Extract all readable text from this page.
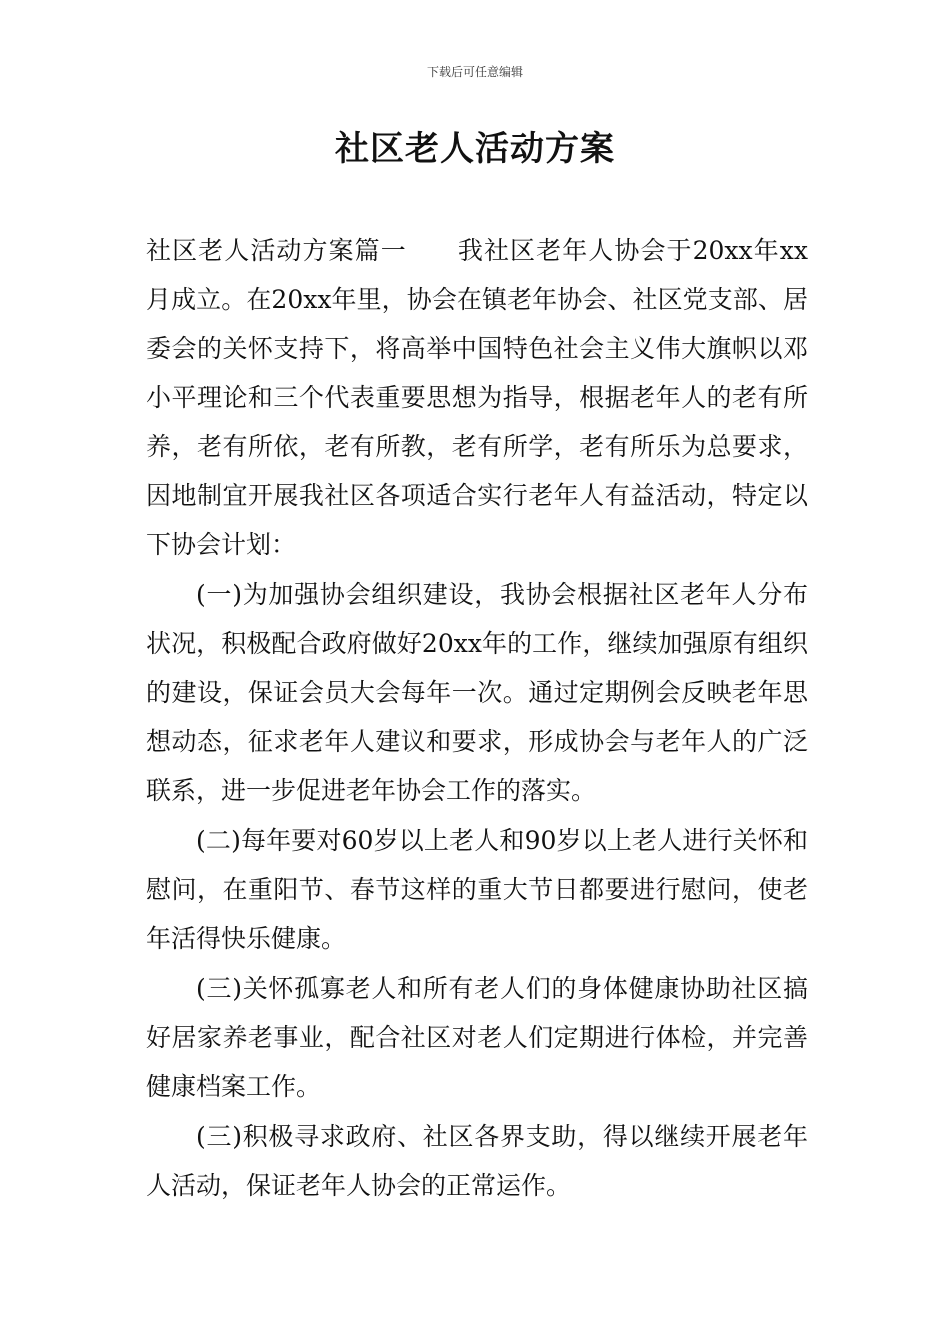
下载后可任意编辑
社区老人活动方案

社区老人活动方案篇一 我社区老年人协会于20xx年xx月成立。在20xx年里，协会在镇老年协会、社区党支部、居委会的关怀支持下，将高举中国特色社会主义伟大旗帜以邓小平理论和三个代表重要思想为指导，根据老年人的老有所养，老有所依，老有所教，老有所学，老有所乐为总要求，因地制宜开展我社区各项适合实行老年人有益活动，特定以下协会计划：

(一)为加强协会组织建设，我协会根据社区老年人分布状况，积极配合政府做好20xx年的工作，继续加强原有组织的建设，保证会员大会每年一次。通过定期例会反映老年思想动态，征求老年人建议和要求，形成协会与老年人的广泛联系，进一步促进老年协会工作的落实。

(二)每年要对60岁以上老人和90岁以上老人进行关怀和慰问，在重阳节、春节这样的重大节日都要进行慰问，使老年活得快乐健康。

(三)关怀孤寡老人和所有老人们的身体健康协助社区搞好居家养老事业，配合社区对老人们定期进行体检，并完善健康档案工作。

(三)积极寻求政府、社区各界支助，得以继续开展老年人活动，保证老年人协会的正常运作。
